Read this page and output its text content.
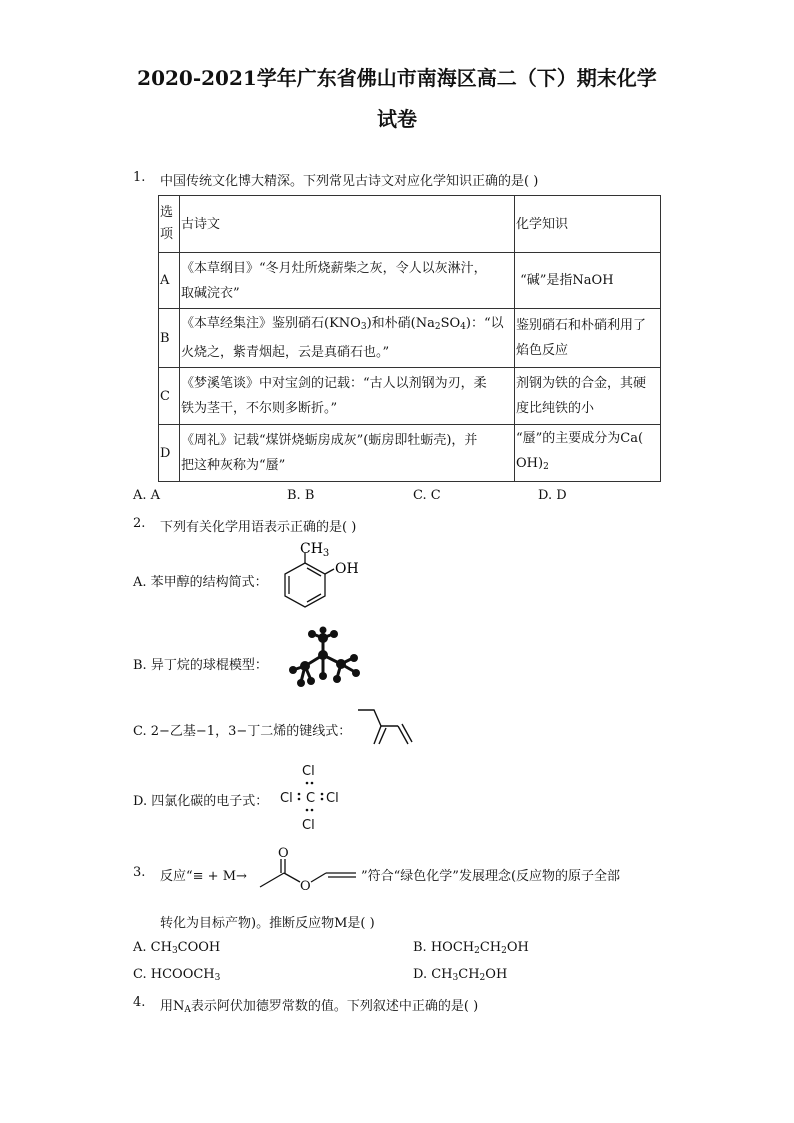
2020-2021学年广东省佛山市南海区高二（下）期末化学
试卷
1. 中国传统文化博大精深。下列常见古诗文对应化学知识正确的是( )
选
项	古诗文	化学知识
A	《本草纲目》“冬月灶所烧薪柴之灰，令人以灰淋汁，
取碱浣衣”	“碱”是指NaOH
B	《本草经集注》鉴别硝石$(KNO_3)$和朴硝$(Na_2SO_4)$：“以
火烧之，紫青烟起，云是真硝石也。”	鉴别硝石和朴硝利用了
焰色反应
C	《梦溪笔谈》中对宝剑的记载：“古人以剂钢为刃，柔
铁为茎干，不尔则多断折。”	剂钢为铁的合金，其硬
度比纯铁的小
D	《周礼》记载“煤饼烧蛎房成灰”(蛎房即牡蛎壳)，并
把这种灰称为“蜃”	“蜃”的主要成分为Ca(
$OH)_2$
A. A	B. B	C. C	D. D
2. 下列有关化学用语表示正确的是( )
A. 苯甲醇的结构简式：
$CH_3$
OH
B. 异丁烷的球棍模型：
C. 2−乙基−1，3−丁二烯的键线式：
D. 四氯化碳的电子式：
Cl
Cl C Cl
Cl
3. 反应“≡ + M→
O
O
”符合“绿色化学”发展理念(反应物的原子全部
转化为目标产物)。推断反应物M是( )
A. $CH_3COOH$	B. $HOCH_2CH_2OH$
C. $HCOOCH_3$	D. $CH_3CH_2OH$
4. 用$N_A$表示阿伏加德罗常数的值。下列叙述中正确的是( )
